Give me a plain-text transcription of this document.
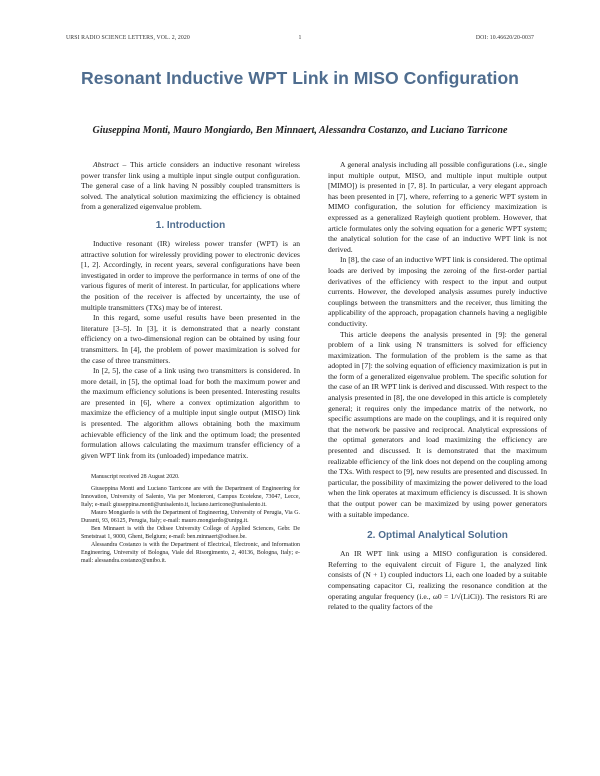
URSI RADIO SCIENCE LETTERS, VOL. 2, 2020	1	DOI: 10.46620/20-0037
Resonant Inductive WPT Link in MISO Configuration
Giuseppina Monti, Mauro Mongiardo, Ben Minnaert, Alessandra Costanzo, and Luciano Tarricone

Abstract – This article considers an inductive resonant wireless power transfer link using a multiple input single output configuration. The general case of a link having N possibly coupled transmitters is solved. The analytical solution maximizing the efficiency is obtained from a generalized eigenvalue problem.

1. Introduction

Inductive resonant (IR) wireless power transfer (WPT) is an attractive solution for wirelessly providing power to electronic devices [1, 2]. Accordingly, in recent years, several configurations have been investigated in order to improve the performance in terms of one of the various figures of merit of interest. In particular, for applications where the position of the receiver is affected by uncertainty, the use of multiple transmitters (TXs) may be of interest.

In this regard, some useful results have been presented in the literature [3–5]. In [3], it is demonstrated that a nearly constant efficiency on a two-dimensional region can be obtained by using four transmitters. In [4], the problem of power maximization is solved for the case of three transmitters.

In [2, 5], the case of a link using two transmitters is considered. In more detail, in [5], the optimal load for both the maximum power and the maximum efficiency solutions is been presented. Interesting results are presented in [6], where a convex optimization algorithm to maximize the efficiency of a multiple input single output (MISO) link is presented. The algorithm allows obtaining both the maximum achievable efficiency of the link and the optimum load; the presented formulation allows calculating the maximum transfer efficiency of a given WPT link from its (unloaded) impedance matrix.

Manuscript received 28 August 2020.

Giuseppina Monti and Luciano Tarricone are with the Department of Engineering for Innovation, University of Salento, Via per Monteroni, Campus Ecotekne, 73047, Lecce, Italy; e-mail: giuseppina.monti@unisalento.it, luciano.tarricone@unisalento.it.

Mauro Mongiardo is with the Department of Engineering, University of Perugia, Via G. Duranti, 93, 06125, Perugia, Italy; e-mail: mauro.mongiardo@unipg.it.

Ben Minnaert is with the Odisee University College of Applied Sciences, Gebr. De Smetstraat 1, 9000, Ghent, Belgium; e-mail: ben.minnaert@odisee.be.

Alessandra Costanzo is with the Department of Electrical, Electronic, and Information Engineering, University of Bologna, Viale del Risorgimento, 2, 40136, Bologna, Italy; e-mail: alessandra.costanzo@unibo.it.

A general analysis including all possible configurations (i.e., single input multiple output, MISO, and multiple input multiple output [MIMO]) is presented in [7, 8]. In particular, a very elegant approach has been presented in [7], where, referring to a generic WPT system in MIMO configuration, the solution for efficiency maximization is expressed as a generalized Rayleigh quotient problem. However, that article formulates only the solving equation for a generic WPT system; the analytical solution for the case of an inductive WPT link is not derived.

In [8], the case of an inductive WPT link is considered. The optimal loads are derived by imposing the zeroing of the first-order partial derivatives of the efficiency with respect to the input and output currents. However, the developed analysis assumes purely inductive couplings between the transmitters and the receiver, thus limiting the applicability of the approach, propagation channels having a negligible conductivity.

This article deepens the analysis presented in [9]: the general problem of a link using N transmitters is solved for efficiency maximization. The formulation of the problem is the same as that adopted in [7]: the solving equation of efficiency maximization is put in the form of a generalized eigenvalue problem. The specific solution for the case of an IR WPT link is derived and discussed. With respect to the analysis presented in [8], the one developed in this article is completely general; it requires only the impedance matrix of the network, no specific assumptions are made on the couplings, and it is required only that the network be passive and reciprocal. Analytical expressions of the optimal generators and load maximizing the efficiency are presented and discussed. It is demonstrated that the maximum realizable efficiency of the link does not depend on the coupling among the TXs. With respect to [9], new results are presented and discussed. In particular, the possibility of maximizing the power delivered to the load when the link operates at maximum efficiency is discussed. It is shown that the output power can be maximized by using power generators with a suitable impedance.

2. Optimal Analytical Solution

An IR WPT link using a MISO configuration is considered. Referring to the equivalent circuit of Figure 1, the analyzed link consists of (N + 1) coupled inductors Li, each one loaded by a suitable compensating capacitor Ci, realizing the resonance condition at the operating angular frequency (i.e., ω0 = 1/√(LiCi)). The resistors Ri are related to the quality factors of the
